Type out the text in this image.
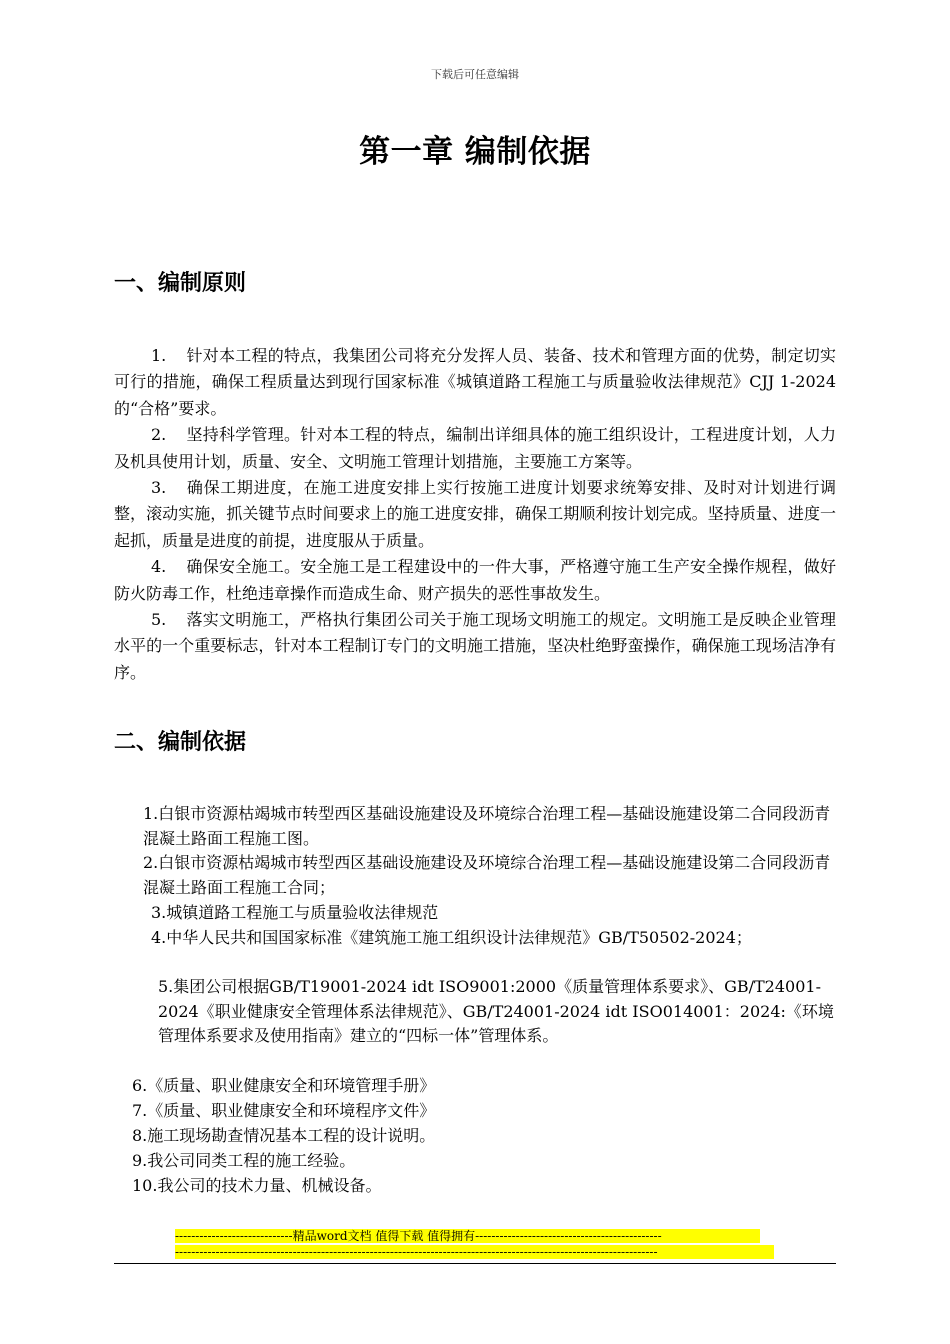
下载后可任意编辑
第一章 编制依据
一、编制原则

1. 针对本工程的特点，我集团公司将充分发挥人员、装备、技术和管理方面的优势，制定切实可行的措施，确保工程质量达到现行国家标准《城镇道路工程施工与质量验收法律规范》CJJ 1-2024的“合格”要求。

2. 坚持科学管理。针对本工程的特点，编制出详细具体的施工组织设计，工程进度计划，人力及机具使用计划，质量、安全、文明施工管理计划措施，主要施工方案等。

3. 确保工期进度，在施工进度安排上实行按施工进度计划要求统筹安排、及时对计划进行调整，滚动实施，抓关键节点时间要求上的施工进度安排，确保工期顺利按计划完成。坚持质量、进度一起抓，质量是进度的前提，进度服从于质量。

4. 确保安全施工。安全施工是工程建设中的一件大事，严格遵守施工生产安全操作规程，做好防火防毒工作，杜绝违章操作而造成生命、财产损失的恶性事故发生。

5. 落实文明施工，严格执行集团公司关于施工现场文明施工的规定。文明施工是反映企业管理水平的一个重要标志，针对本工程制订专门的文明施工措施，坚决杜绝野蛮操作，确保施工现场洁净有序。

二、编制依据

1.白银市资源枯竭城市转型西区基础设施建设及环境综合治理工程—基础设施建设第二合同段沥青混凝土路面工程施工图。

2.白银市资源枯竭城市转型西区基础设施建设及环境综合治理工程—基础设施建设第二合同段沥青混凝土路面工程施工合同；

3.城镇道路工程施工与质量验收法律规范

4.中华人民共和国国家标准《建筑施工施工组织设计法律规范》GB/T50502-2024；

5.集团公司根据GB/T19001-2024 idt ISO9001:2000《质量管理体系要求》、GB/T24001-2024《职业健康安全管理体系法律规范》、GB/T24001-2024 idt ISO014001：2024:《环境管理体系要求及使用指南》建立的“四标一体”管理体系。

6.《质量、职业健康安全和环境管理手册》

7.《质量、职业健康安全和环境程序文件》

8.施工现场勘查情况基本工程的设计说明。

9.我公司同类工程的施工经验。

10.我公司的技术力量、机械设备。

-----------------------------精品word文档 值得下载 值得拥有----------------------------------------------
-----------------------------------------------------------------------------------------------------------------------
